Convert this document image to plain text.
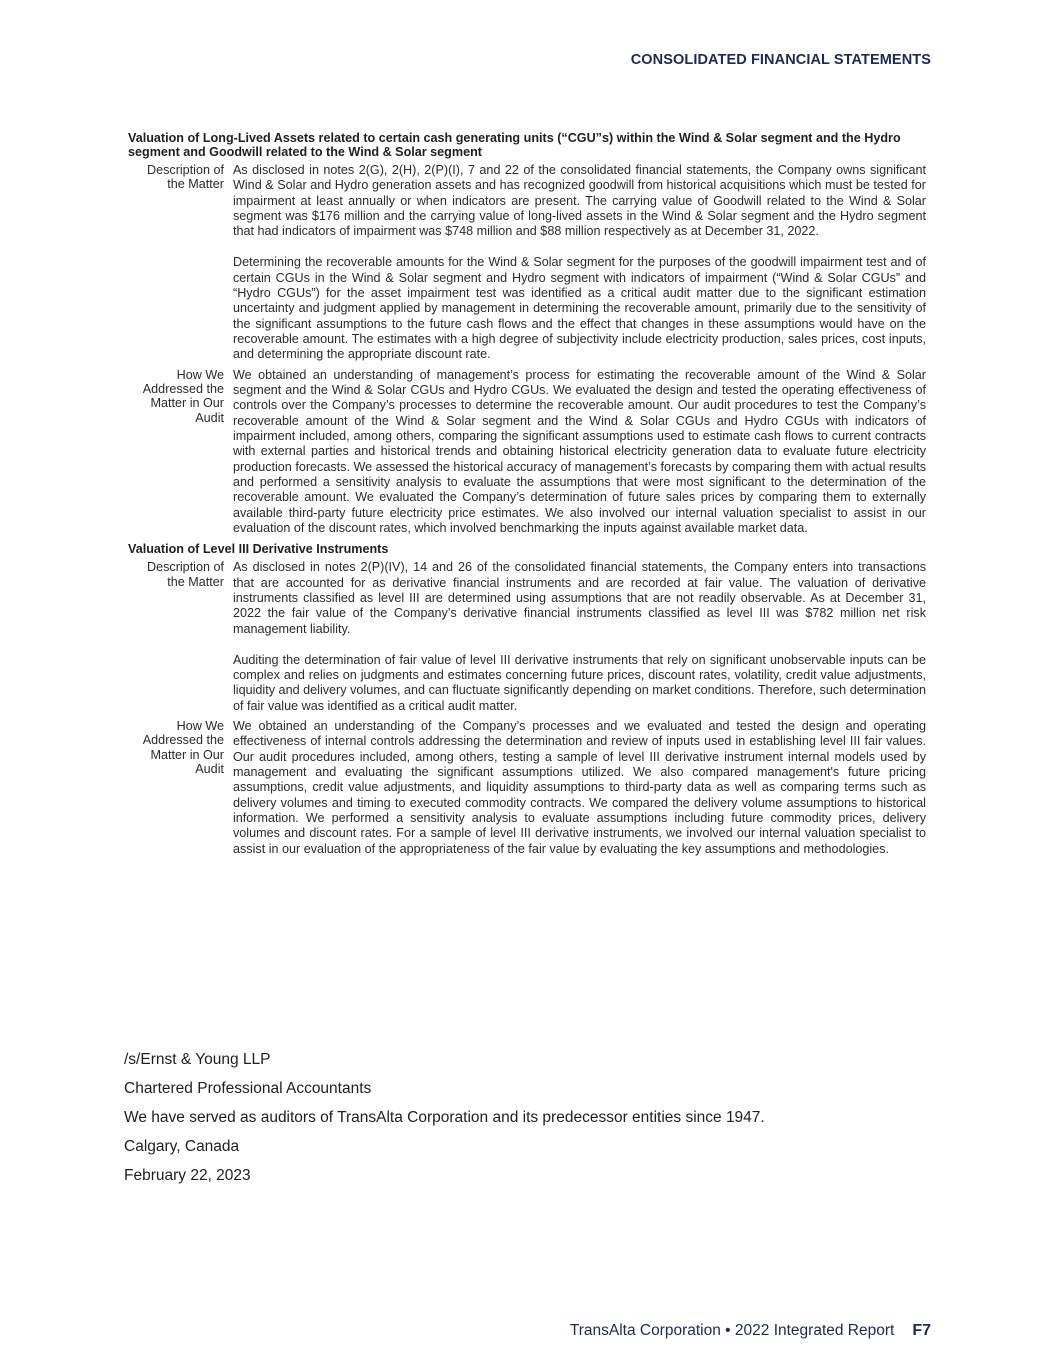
CONSOLIDATED FINANCIAL STATEMENTS
Valuation of Long-Lived Assets related to certain cash generating units (“CGU”s) within the Wind & Solar segment and the Hydro segment and Goodwill related to the Wind & Solar segment
Description of the Matter

As disclosed in notes 2(G), 2(H), 2(P)(I), 7 and 22 of the consolidated financial statements, the Company owns significant Wind & Solar and Hydro generation assets and has recognized goodwill from historical acquisitions which must be tested for impairment at least annually or when indicators are present. The carrying value of Goodwill related to the Wind & Solar segment was $176 million and the carrying value of long-lived assets in the Wind & Solar segment and the Hydro segment that had indicators of impairment was $748 million and $88 million respectively as at December 31, 2022.

Determining the recoverable amounts for the Wind & Solar segment for the purposes of the goodwill impairment test and of certain CGUs in the Wind & Solar segment and Hydro segment with indicators of impairment (“Wind & Solar CGUs” and “Hydro CGUs”) for the asset impairment test was identified as a critical audit matter due to the significant estimation uncertainty and judgment applied by management in determining the recoverable amount, primarily due to the sensitivity of the significant assumptions to the future cash flows and the effect that changes in these assumptions would have on the recoverable amount. The estimates with a high degree of subjectivity include electricity production, sales prices, cost inputs, and determining the appropriate discount rate.

How We Addressed the Matter in Our Audit

We obtained an understanding of management’s process for estimating the recoverable amount of the Wind & Solar segment and the Wind & Solar CGUs and Hydro CGUs. We evaluated the design and tested the operating effectiveness of controls over the Company’s processes to determine the recoverable amount. Our audit procedures to test the Company’s recoverable amount of the Wind & Solar segment and the Wind & Solar CGUs and Hydro CGUs with indicators of impairment included, among others, comparing the significant assumptions used to estimate cash flows to current contracts with external parties and historical trends and obtaining historical electricity generation data to evaluate future electricity production forecasts. We assessed the historical accuracy of management’s forecasts by comparing them with actual results and performed a sensitivity analysis to evaluate the assumptions that were most significant to the determination of the recoverable amount. We evaluated the Company’s determination of future sales prices by comparing them to externally available third-party future electricity price estimates. We also involved our internal valuation specialist to assist in our evaluation of the discount rates, which involved benchmarking the inputs against available market data.

Valuation of Level III Derivative Instruments
Description of the Matter

As disclosed in notes 2(P)(IV), 14 and 26 of the consolidated financial statements, the Company enters into transactions that are accounted for as derivative financial instruments and are recorded at fair value. The valuation of derivative instruments classified as level III are determined using assumptions that are not readily observable. As at December 31, 2022 the fair value of the Company’s derivative financial instruments classified as level III was $782 million net risk management liability.

Auditing the determination of fair value of level III derivative instruments that rely on significant unobservable inputs can be complex and relies on judgments and estimates concerning future prices, discount rates, volatility, credit value adjustments, liquidity and delivery volumes, and can fluctuate significantly depending on market conditions. Therefore, such determination of fair value was identified as a critical audit matter.

How We Addressed the Matter in Our Audit

We obtained an understanding of the Company’s processes and we evaluated and tested the design and operating effectiveness of internal controls addressing the determination and review of inputs used in establishing level III fair values. Our audit procedures included, among others, testing a sample of level III derivative instrument internal models used by management and evaluating the significant assumptions utilized. We also compared management's future pricing assumptions, credit value adjustments, and liquidity assumptions to third-party data as well as comparing terms such as delivery volumes and timing to executed commodity contracts. We compared the delivery volume assumptions to historical information. We performed a sensitivity analysis to evaluate assumptions including future commodity prices, delivery volumes and discount rates. For a sample of level III derivative instruments, we involved our internal valuation specialist to assist in our evaluation of the appropriateness of the fair value by evaluating the key assumptions and methodologies.

/s/Ernst & Young LLP
Chartered Professional Accountants
We have served as auditors of TransAlta Corporation and its predecessor entities since 1947.
Calgary, Canada
February 22, 2023
TransAlta Corporation • 2022 Integrated Report F7
